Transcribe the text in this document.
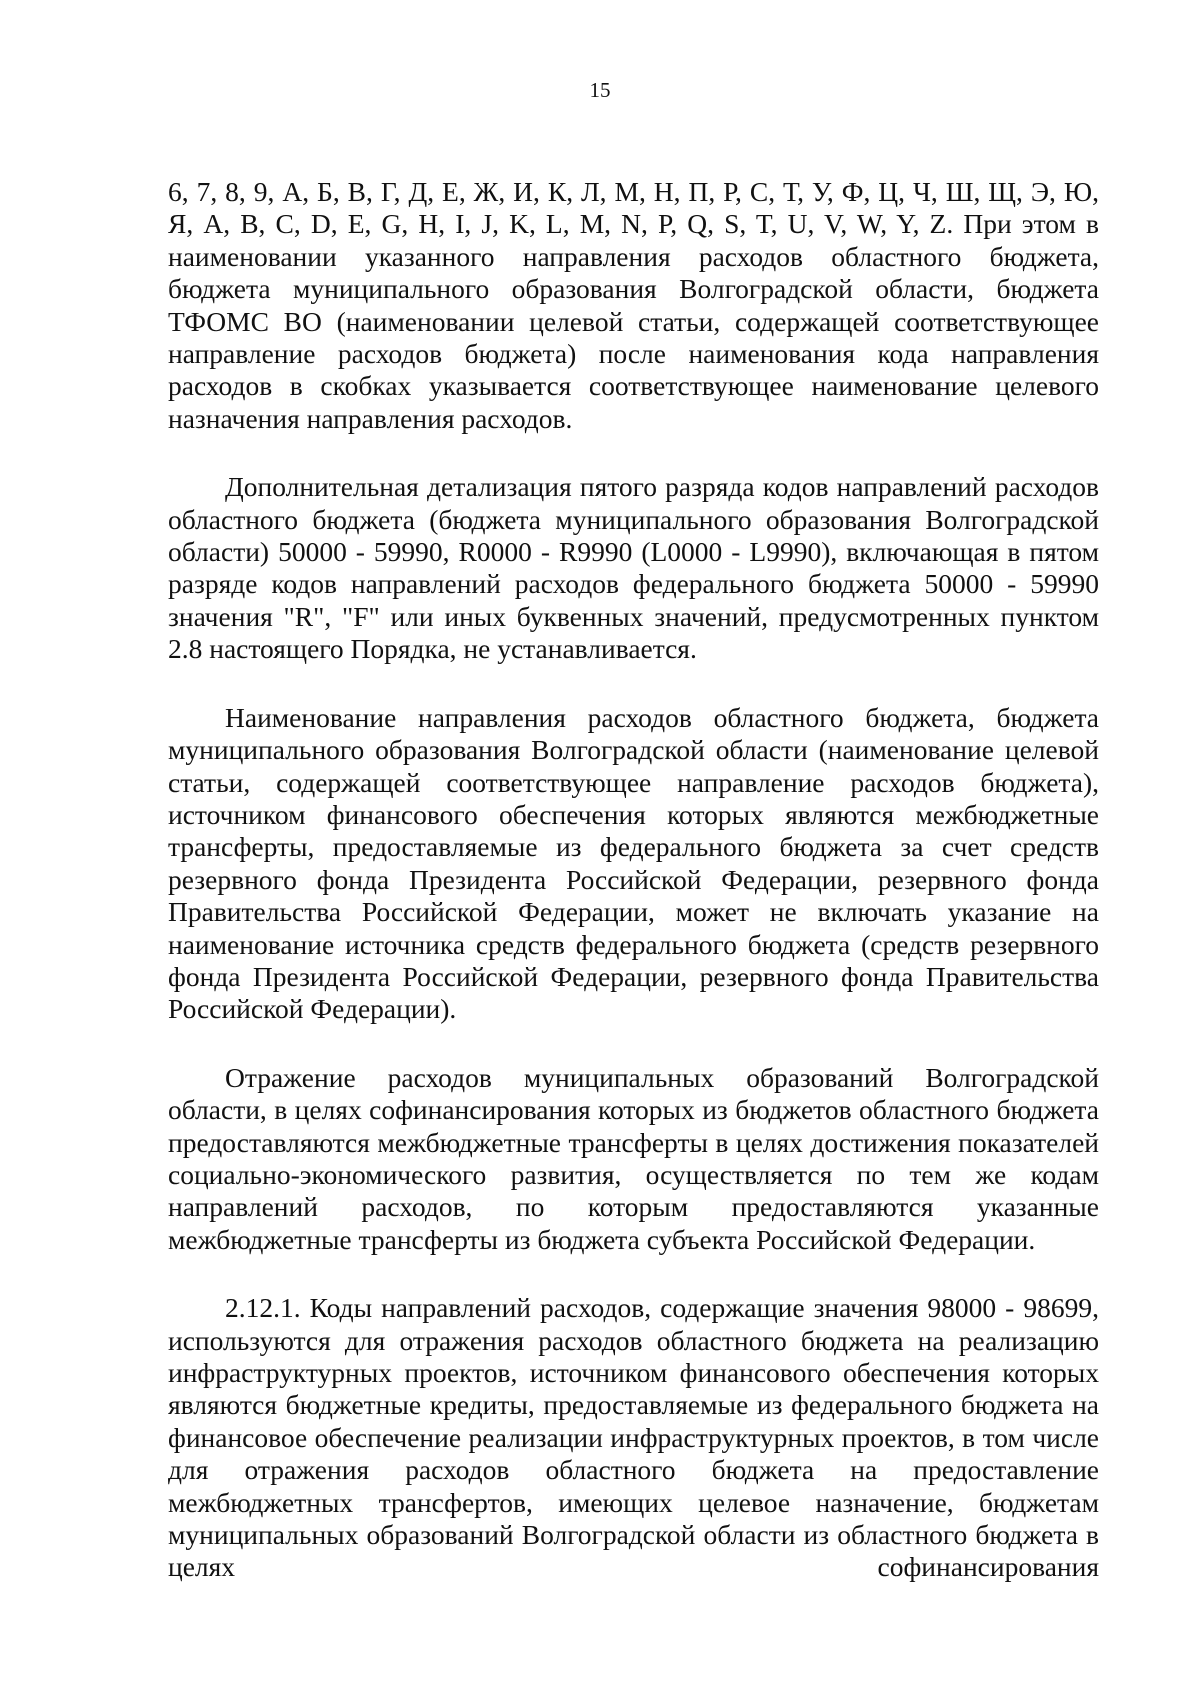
15

6, 7, 8, 9, А, Б, В, Г, Д, Е, Ж, И, К, Л, М, Н, П, Р, С, Т, У, Ф, Ц, Ч, Ш, Щ, Э, Ю, Я, A, B, C, D, E, G, H, I, J, K, L, M, N, P, Q, S, T, U, V, W, Y, Z. При этом в наименовании указанного направления расходов областного бюджета, бюджета муниципального образования Волгоградской области, бюджета ТФОМС ВО (наименовании целевой статьи, содержащей соответствующее направление расходов бюджета) после наименования кода направления расходов в скобках указывается соответствующее наименование целевого назначения направления расходов.

Дополнительная детализация пятого разряда кодов направлений расходов областного бюджета (бюджета муниципального образования Волгоградской области) 50000 - 59990, R0000 - R9990 (L0000 - L9990), включающая в пятом разряде кодов направлений расходов федерального бюджета 50000 - 59990 значения "R", "F" или иных буквенных значений, предусмотренных пунктом 2.8 настоящего Порядка, не устанавливается.

Наименование направления расходов областного бюджета, бюджета муниципального образования Волгоградской области (наименование целевой статьи, содержащей соответствующее направление расходов бюджета), источником финансового обеспечения которых являются межбюджетные трансферты, предоставляемые из федерального бюджета за счет средств резервного фонда Президента Российской Федерации, резервного фонда Правительства Российской Федерации, может не включать указание на наименование источника средств федерального бюджета (средств резервного фонда Президента Российской Федерации, резервного фонда Правительства Российской Федерации).

Отражение расходов муниципальных образований Волгоградской области, в целях софинансирования которых из бюджетов областного бюджета предоставляются межбюджетные трансферты в целях достижения показателей социально-экономического развития, осуществляется по тем же кодам направлений расходов, по которым предоставляются указанные межбюджетные трансферты из бюджета субъекта Российской Федерации.

2.12.1. Коды направлений расходов, содержащие значения 98000 - 98699, используются для отражения расходов областного бюджета на реализацию инфраструктурных проектов, источником финансового обеспечения которых являются бюджетные кредиты, предоставляемые из федерального бюджета на финансовое обеспечение реализации инфраструктурных проектов, в том числе для отражения расходов областного бюджета на предоставление межбюджетных трансфертов, имеющих целевое назначение, бюджетам муниципальных образований Волгоградской области из областного бюджета в целях софинансирования
